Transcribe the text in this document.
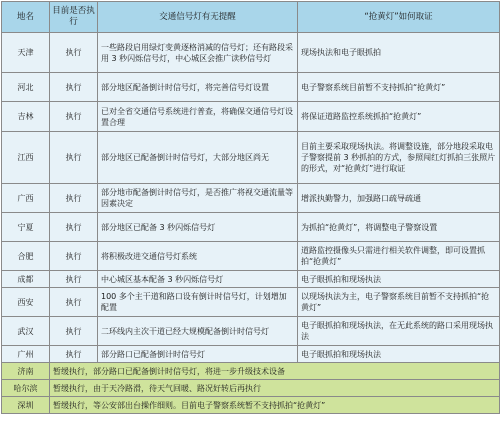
地名	目前是否执行	交通信号灯有无提醒	“抢黄灯”如何取证
天津	执行	一些路段启用绿灯变黄逐格消减的信号灯；还有路段采用 3 秒闪烁信号灯，中心城区会推广读秒信号灯	现场执法和电子眼抓拍
河北	执行	部分地区配备倒计时信号灯，将完善信号灯设置	电子警察系统目前暂不支持抓拍“抢黄灯”
吉林	执行	已对全省交通信号系统进行普查，将确保交通信号灯设置合理	将保证道路监控系统抓拍“抢黄灯”
江西	执行	部分地区已配备倒计时信号灯，大部分地区尚无	目前主要采取现场执法。将调整设施，部分地段采取电子警察提前 3 秒抓拍的方式，参照闯红灯抓拍三张照片的形式，对“抢黄灯”进行取证
广西	执行	部分地市配备倒计时信号灯，是否推广将视交通流量等因素决定	增派执勤警力，加强路口疏导疏通
宁夏	执行	部分地区已配备 3 秒闪烁信号灯	为抓拍“抢黄灯”，将调整电子警察设置
合肥	执行	将积极改进交通信号灯系统	道路监控摄像头只需进行相关软件调整，即可设置抓拍“抢黄灯”
成都	执行	中心城区基本配备 3 秒闪烁信号灯	电子眼抓拍和现场执法
西安	执行	100 多个主干道和路口设有倒计时信号灯，计划增加配置	以现场执法为主，电子警察系统目前暂不支持抓拍“抢黄灯”
武汉	执行	二环线内主次干道已经大规模配备倒计时信号灯	电子眼抓拍和现场执法，在无此系统的路口采用现场执法
广州	执行	部分路口已配备倒计时信号灯	电子眼抓拍和现场执法
济南	暂缓执行，部分路口已配备倒计时信号灯，将进一步升级技术设备		
哈尔滨	暂缓执行，由于天冷路滑，待天气回暖、路况好转后再执行		
深圳	暂缓执行，等公安部出台操作细则。目前电子警察系统暂不支持抓拍“抢黄灯”		
